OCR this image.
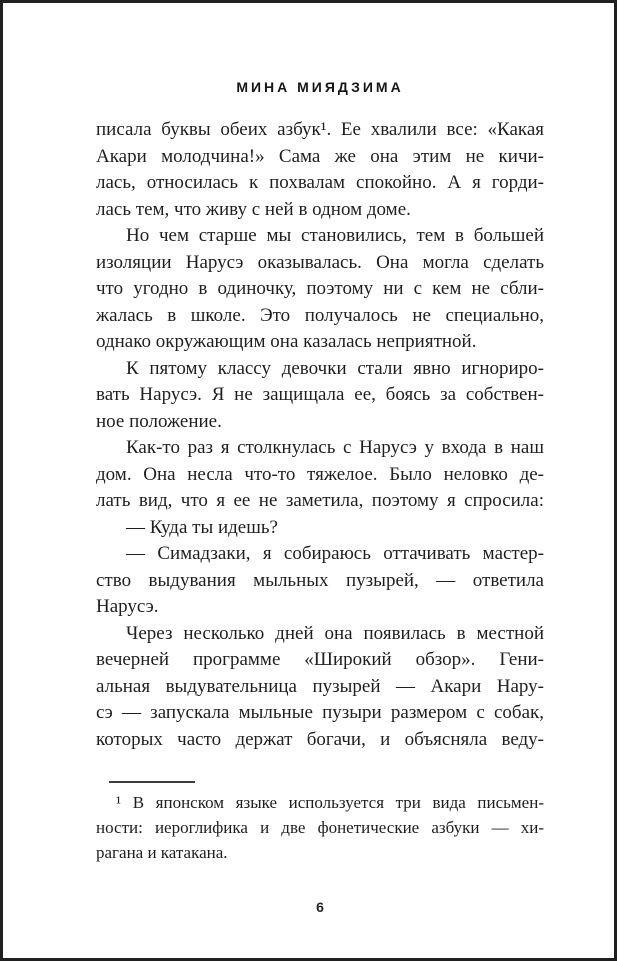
МИНА МИЯДЗИМА
писала буквы обеих азбук¹. Ее хвалили все: «Какая
Акари молодчина!» Сама же она этим не кичи-
лась, относилась к похвалам спокойно. А я горди-
лась тем, что живу с ней в одном доме.
Но чем старше мы становились, тем в большей
изоляции Нарусэ оказывалась. Она могла сделать
что угодно в одиночку, поэтому ни с кем не сбли-
жалась в школе. Это получалось не специально,
однако окружающим она казалась неприятной.
К пятому классу девочки стали явно игнориро-
вать Нарусэ. Я не защищала ее, боясь за собствен-
ное положение.
Как-то раз я столкнулась с Нарусэ у входа в наш
дом. Она несла что-то тяжелое. Было неловко де-
лать вид, что я ее не заметила, поэтому я спросила:
— Куда ты идешь?
— Симадзаки, я собираюсь оттачивать мастер-
ство выдувания мыльных пузырей, — ответила
Нарусэ.
Через несколько дней она появилась в местной
вечерней программе «Широкий обзор». Гени-
альная выдувательница пузырей — Акари Нару-
сэ — запускала мыльные пузыри размером с собак,
которых часто держат богачи, и объясняла веду-
¹ В японском языке используется три вида письмен-
ности: иероглифика и две фонетические азбуки — хи-
рагана и катакана.
6
